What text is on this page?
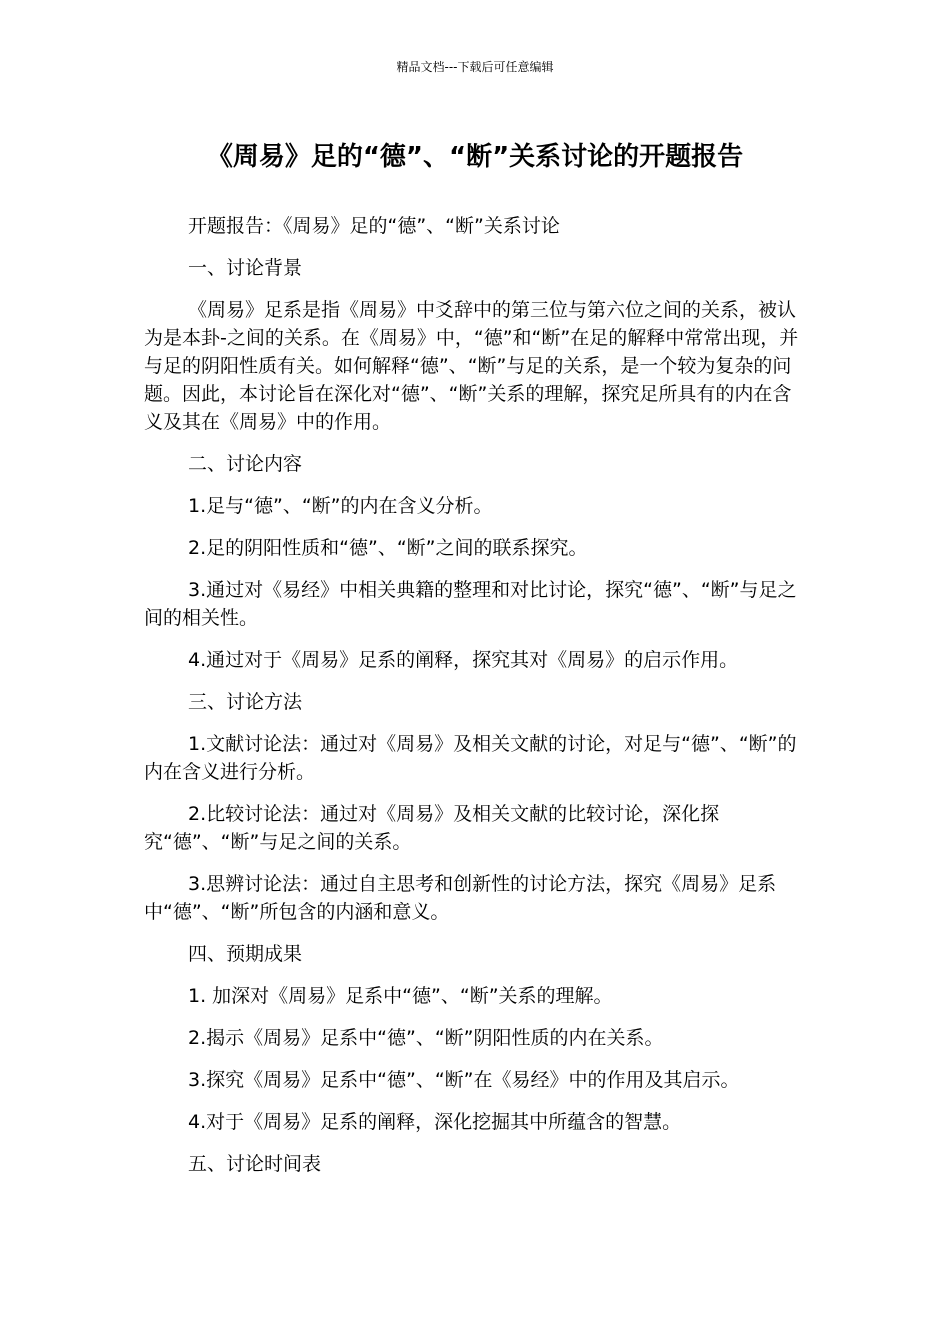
精品文档---下载后可任意编辑
《周易》足的“德”、“断”关系讨论的开题报告

开题报告：《周易》足的“德”、“断”关系讨论

一、讨论背景

《周易》足系是指《周易》中爻辞中的第三位与第六位之间的关系，被认为是本卦-之间的关系。在《周易》中，“德”和“断”在足的解释中常常出现，并与足的阴阳性质有关。如何解释“德”、“断”与足的关系，是一个较为复杂的问题。因此，本讨论旨在深化对“德”、“断”关系的理解，探究足所具有的内在含义及其在《周易》中的作用。

二、讨论内容

1.足与“德”、“断”的内在含义分析。

2.足的阴阳性质和“德”、“断”之间的联系探究。

3.通过对《易经》中相关典籍的整理和对比讨论，探究“德”、“断”与足之间的相关性。

4.通过对于《周易》足系的阐释，探究其对《周易》的启示作用。

三、讨论方法

1.文献讨论法：通过对《周易》及相关文献的讨论，对足与“德”、“断”的内在含义进行分析。

2.比较讨论法：通过对《周易》及相关文献的比较讨论，深化探究“德”、“断”与足之间的关系。

3.思辨讨论法：通过自主思考和创新性的讨论方法，探究《周易》足系中“德”、“断”所包含的内涵和意义。

四、预期成果

1. 加深对《周易》足系中“德”、“断”关系的理解。

2.揭示《周易》足系中“德”、“断”阴阳性质的内在关系。

3.探究《周易》足系中“德”、“断”在《易经》中的作用及其启示。

4.对于《周易》足系的阐释，深化挖掘其中所蕴含的智慧。

五、讨论时间表
